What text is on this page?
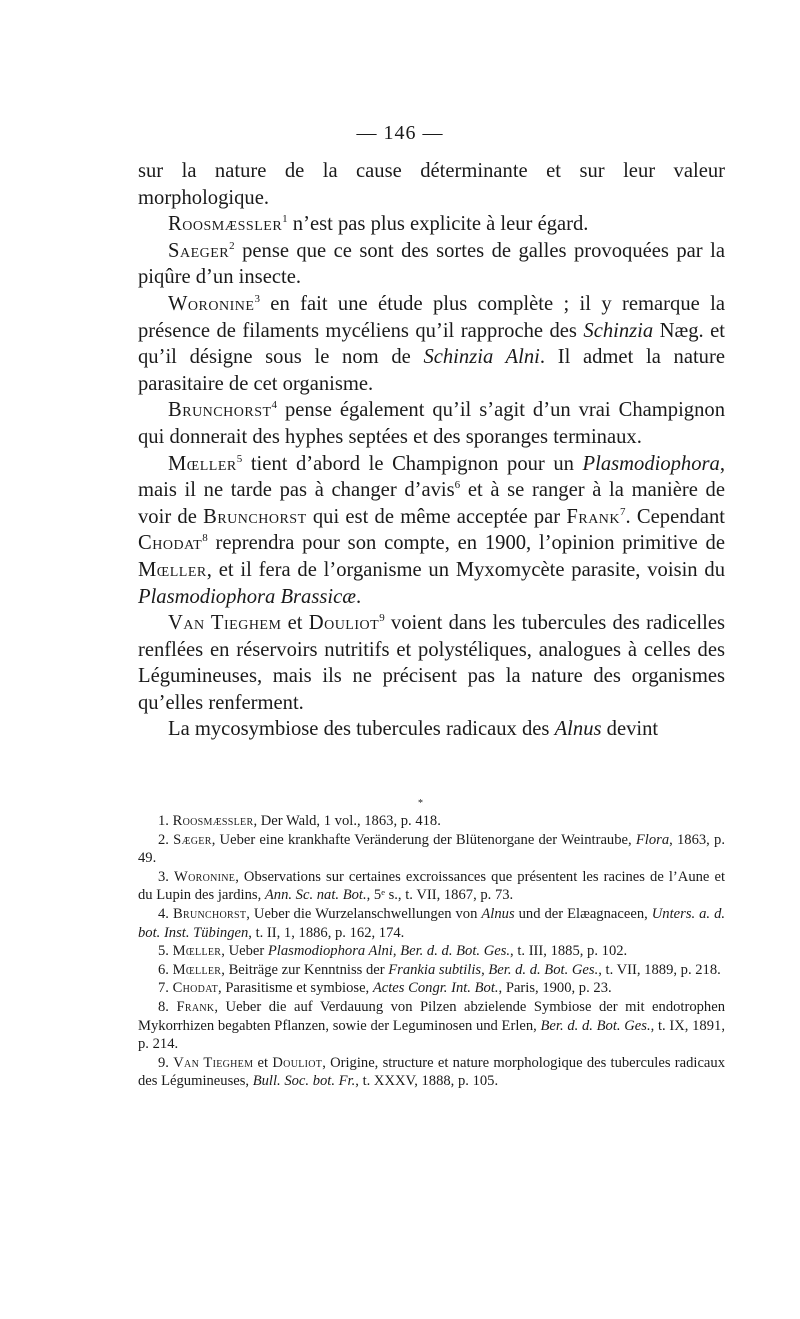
— 146 —

sur la nature de la cause déterminante et sur leur valeur morphologique.

Roosmæssler$^1$ n’est pas plus explicite à leur égard.

Saeger$^2$ pense que ce sont des sortes de galles provoquées par la piqûre d’un insecte.

Woronine$^3$ en fait une étude plus complète ; il y remarque la présence de filaments mycéliens qu’il rapproche des Schinzia Næg. et qu’il désigne sous le nom de Schinzia Alni. Il admet la nature parasitaire de cet organisme.

Brunchorst$^4$ pense également qu’il s’agit d’un vrai Champignon qui donnerait des hyphes septées et des sporanges terminaux.

Mœller$^5$ tient d’abord le Champignon pour un Plasmodiophora, mais il ne tarde pas à changer d’avis$^6$ et à se ranger à la manière de voir de Brunchorst qui est de même acceptée par Frank$^7$. Cependant Chodat$^8$ reprendra pour son compte, en 1900, l’opinion primitive de Mœller, et il fera de l’organisme un Myxomycète parasite, voisin du Plasmodiophora Brassicæ.

Van Tieghem et Douliot$^9$ voient dans les tubercules des radicelles renflées en réservoirs nutritifs et polystéliques, analogues à celles des Légumineuses, mais ils ne précisent pas la nature des organismes qu’elles renferment.

La mycosymbiose des tubercules radicaux des Alnus devint

*

1. Roosmæssler, Der Wald, 1 vol., 1863, p. 418.

2. Sæger, Ueber eine krankhafte Veränderung der Blütenorgane der Weintraube, Flora, 1863, p. 49.

3. Woronine, Observations sur certaines excroissances que présentent les racines de l’Aune et du Lupin des jardins, Ann. Sc. nat. Bot., 5ᵉ s., t. VII, 1867, p. 73.

4. Brunchorst, Ueber die Wurzelanschwellungen von Alnus und der Elæagnaceen, Unters. a. d. bot. Inst. Tübingen, t. II, 1, 1886, p. 162, 174.

5. Mœller, Ueber Plasmodiophora Alni, Ber. d. d. Bot. Ges., t. III, 1885, p. 102.

6. Mœller, Beiträge zur Kenntniss der Frankia subtilis, Ber. d. d. Bot. Ges., t. VII, 1889, p. 218.

7. Chodat, Parasitisme et symbiose, Actes Congr. Int. Bot., Paris, 1900, p. 23.

8. Frank, Ueber die auf Verdauung von Pilzen abzielende Symbiose der mit endotrophen Mykorrhizen begabten Pflanzen, sowie der Leguminosen und Erlen, Ber. d. d. Bot. Ges., t. IX, 1891, p. 214.

9. Van Tieghem et Douliot, Origine, structure et nature morphologique des tubercules radicaux des Légumineuses, Bull. Soc. bot. Fr., t. XXXV, 1888, p. 105.
